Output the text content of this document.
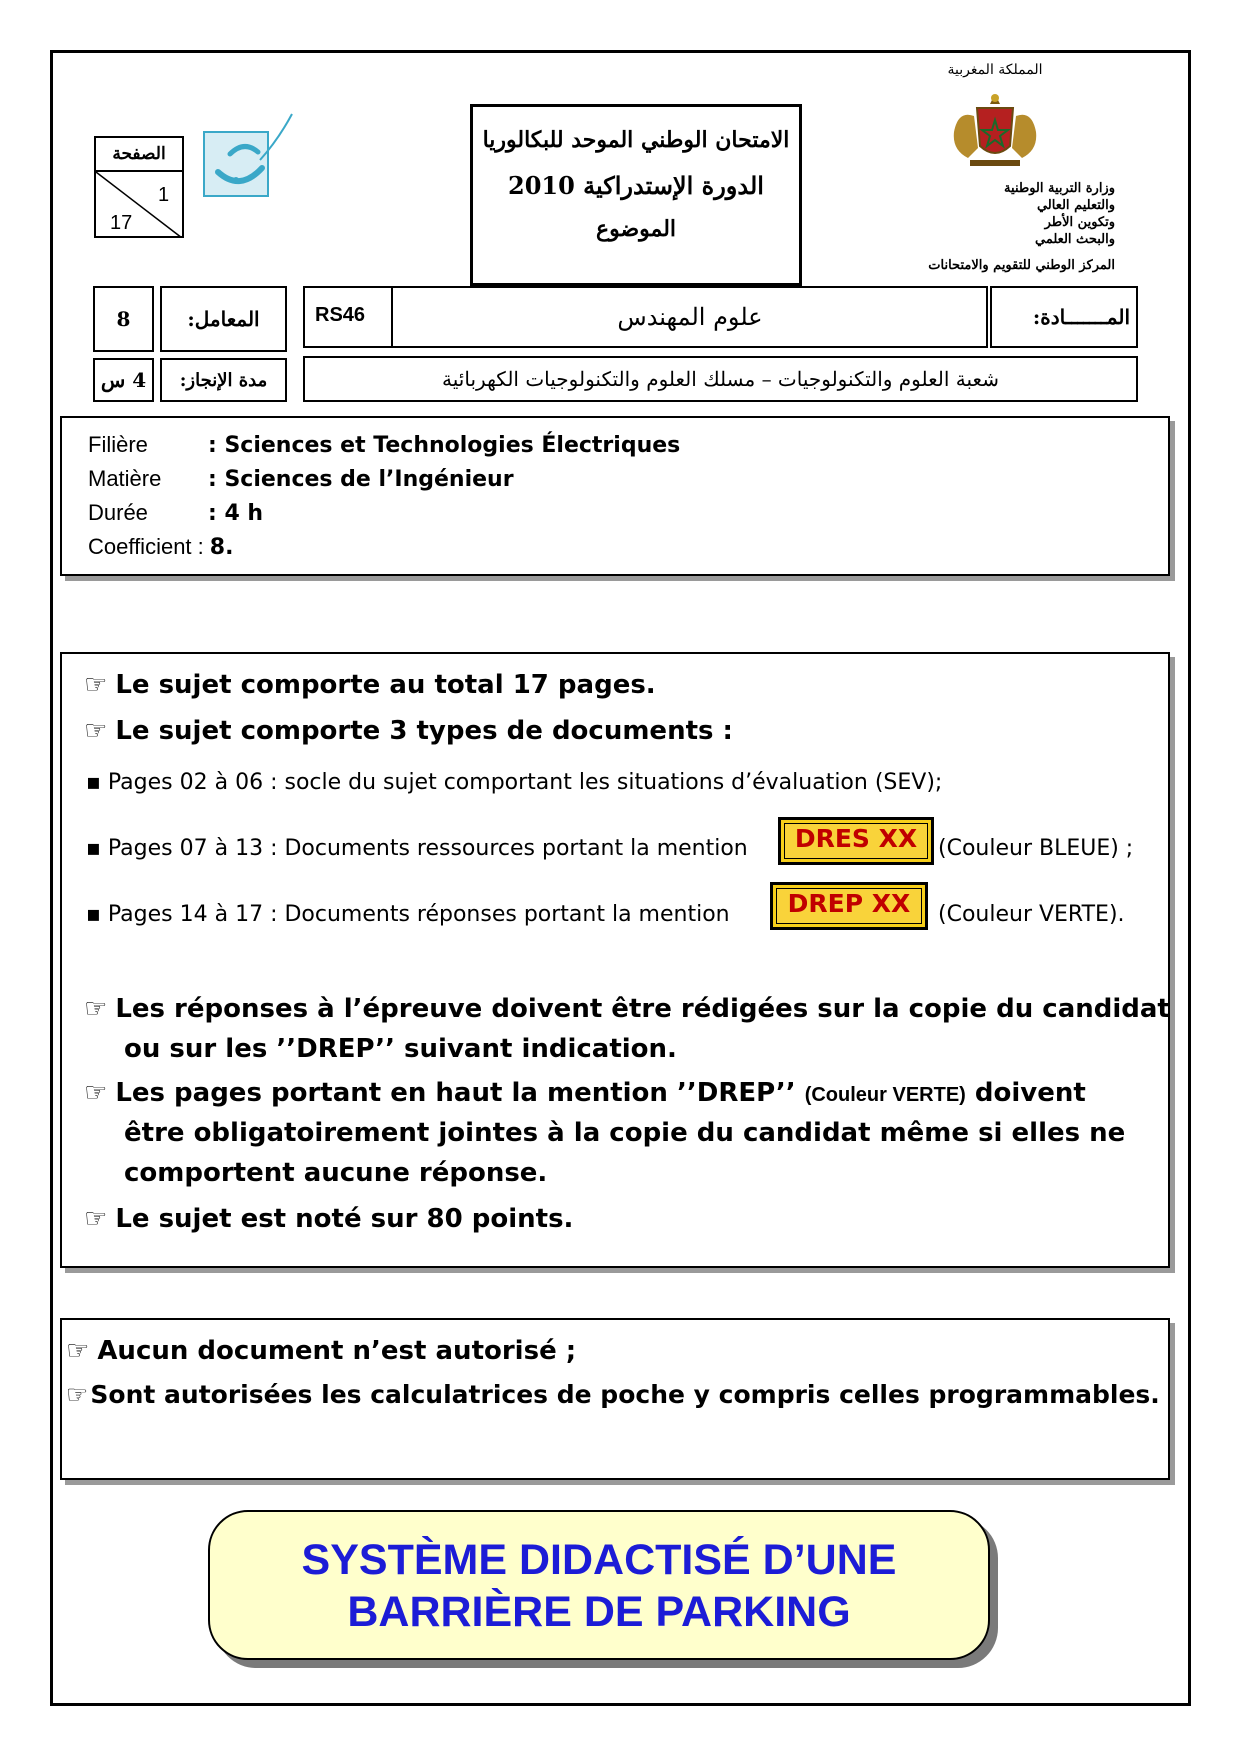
الصفحة
1
17
الامتحان الوطني الموحد للبكالوريا
الدورة الإستدراكية 2010
الموضوع
المملكة المغربية
وزارة التربية الوطنية
والتعليم العالي
وتكوين الأطر
والبحث العلمي
المركز الوطني للتقويم والامتحانات
8	المعامل:	RS46	علوم المهندس	المـــــــادة:
4 س	مدة الإنجاز:	شعبة العلوم والتكنولوجيات – مسلك العلوم والتكنولوجيات الكهربائية
Filière	: Sciences et Technologies Électriques
Matière : Sciences de l’Ingénieur
Durée	: 4 h
Coefficient : 8.
☞ Le sujet comporte au total 17 pages.
☞ Le sujet comporte 3 types de documents :
▪ Pages 02 à 06 : socle du sujet comportant les situations d’évaluation (SEV);
▪ Pages 07 à 13 : Documents ressources portant la mention	DRES XX (Couleur BLEUE) ;
▪ Pages 14 à 17 : Documents réponses portant la mention	DREP XX	(Couleur VERTE).
☞ Les réponses à l’épreuve doivent être rédigées sur la copie du candidat
ou sur les ’’DREP’’ suivant indication.
☞ Les pages portant en haut la mention ’’DREP’’ (Couleur VERTE) doivent
être obligatoirement jointes à la copie du candidat même si elles ne
comportent aucune réponse.
☞ Le sujet est noté sur 80 points.
☞ Aucun document n’est autorisé ;
☞Sont autorisées les calculatrices de poche y compris celles programmables.
SYSTÈME DIDACTISÉ D’UNE
BARRIÈRE DE PARKING
